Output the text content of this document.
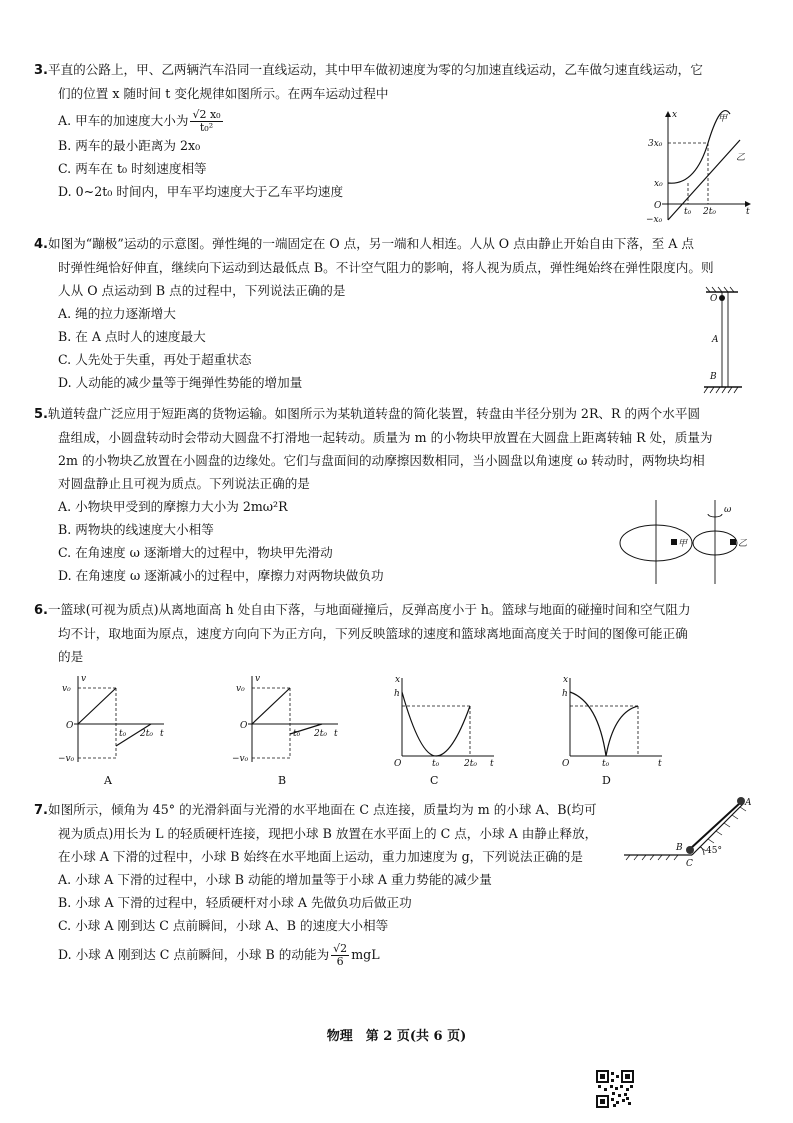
3.平直的公路上，甲、乙两辆汽车沿同一直线运动，其中甲车做初速度为零的匀加速直线运动，乙车做匀速直线运动，它
们的位置 x 随时间 t 变化规律如图所示。在两车运动过程中
A. 甲车的加速度大小为 $\frac{\text{√2 x₀}}{\text{t₀²}}$
B. 两车的最小距离为 2x₀
C. 两车在 t₀ 时刻速度相等
D. 0~2t₀ 时间内，甲车平均速度大于乙车平均速度
x
t
甲
乙
3x₀
x₀
−x₀
O
t₀ 2t₀
4.如图为“蹦极”运动的示意图。弹性绳的一端固定在 O 点，另一端和人相连。人从 O 点由静止开始自由下落，至 A 点
时弹性绳恰好伸直，继续向下运动到达最低点 B。不计空气阻力的影响，将人视为质点，弹性绳始终在弹性限度内。则
人从 O 点运动到 B 点的过程中，下列说法正确的是
A. 绳的拉力逐渐增大
B. 在 A 点时人的速度最大
C. 人先处于失重，再处于超重状态
D. 人动能的减少量等于绳弹性势能的增加量
O
A
B
5.轨道转盘广泛应用于短距离的货物运输。如图所示为某轨道转盘的简化装置，转盘由半径分别为 2R、R 的两个水平圆
盘组成，小圆盘转动时会带动大圆盘不打滑地一起转动。质量为 m 的小物块甲放置在大圆盘上距离转轴 R 处，质量为
2m 的小物块乙放置在小圆盘的边缘处。它们与盘面间的动摩擦因数相同，当小圆盘以角速度 ω 转动时，两物块均相
对圆盘静止且可视为质点。下列说法正确的是
A. 小物块甲受到的摩擦力大小为 2mω²R
B. 两物块的线速度大小相等
C. 在角速度 ω 逐渐增大的过程中，物块甲先滑动
D. 在角速度 ω 逐渐减小的过程中，摩擦力对两物块做负功
甲	乙
ω
6.一篮球(可视为质点)从离地面高 h 处自由下落，与地面碰撞后，反弹高度小于 h。篮球与地面的碰撞时间和空气阻力
均不计，取地面为原点，速度方向向下为正方向，下列反映篮球的速度和篮球离地面高度关于时间的图像可能正确
的是
v
v₀
−v₀
O
t₀ 2t₀ t
A
v
v₀
−v₀
O
t₀ 2t₀ t
B
x
h
O	t₀	2t₀ t
C
x
h
O	t₀	t
D
7.如图所示，倾角为 45° 的光滑斜面与光滑的水平地面在 C 点连接，质量均为 m 的小球 A、B(均可
视为质点)用长为 L 的轻质硬杆连接，现把小球 B 放置在水平面上的 C 点，小球 A 由静止释放，
在小球 A 下滑的过程中，小球 B 始终在水平地面上运动，重力加速度为 g，下列说法正确的是
A. 小球 A 下滑的过程中，小球 B 动能的增加量等于小球 A 重力势能的减少量
B. 小球 A 下滑的过程中，轻质硬杆对小球 A 先做负功后做正功
C. 小球 A 刚到达 C 点前瞬间，小球 A、B 的速度大小相等
D. 小球 A 刚到达 C 点前瞬间，小球 B 的动能为 $\frac{√2}{6}$ mgL
A
B
C
45°
物理　第 2 页(共 6 页)
